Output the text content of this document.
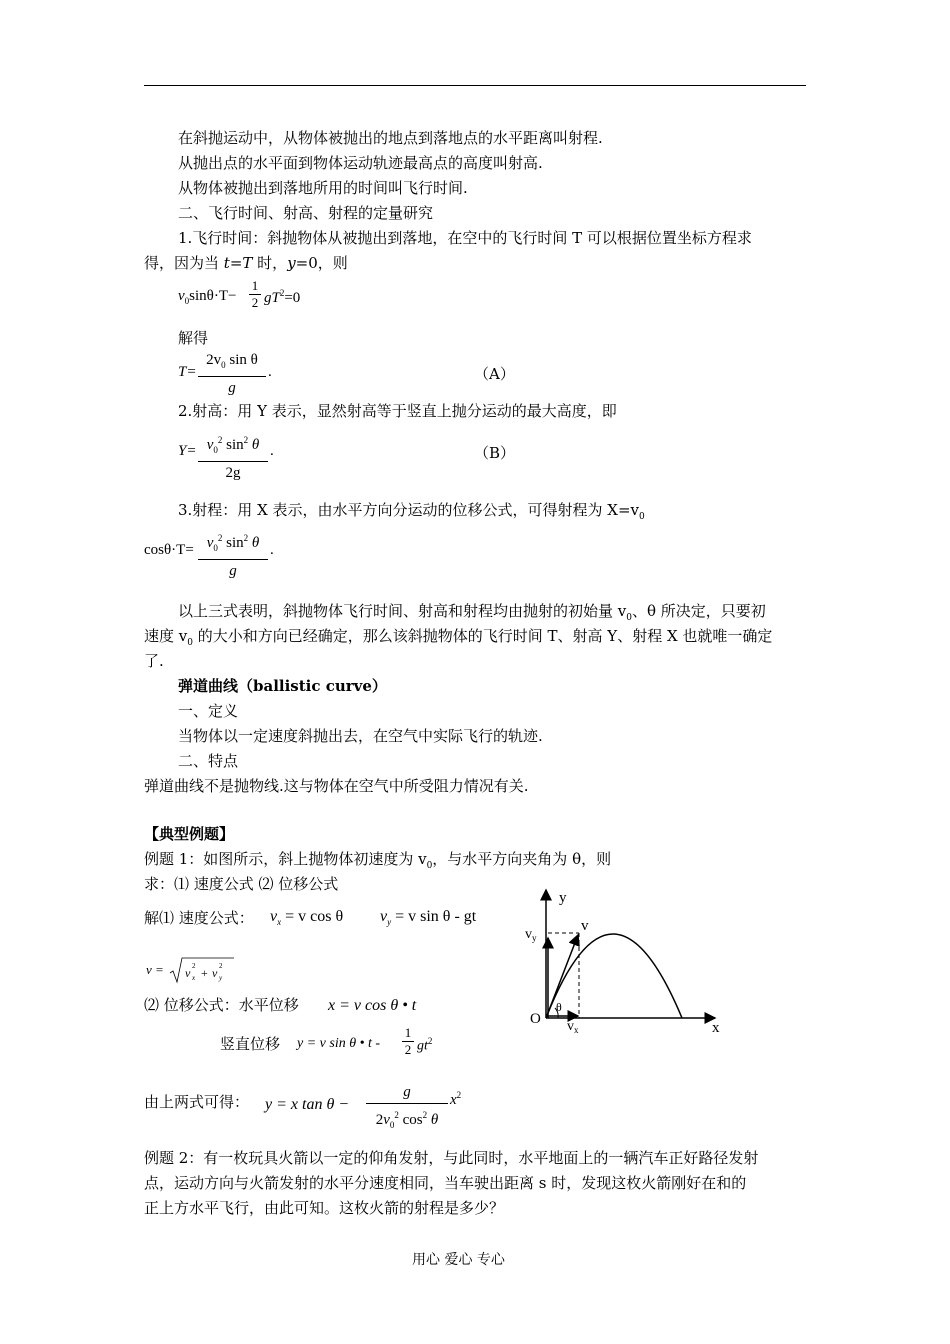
在斜抛运动中，从物体被抛出的地点到落地点的水平距离叫射程.
从抛出点的水平面到物体运动轨迹最高点的高度叫射高.
从物体被抛出到落地所用的时间叫飞行时间.
二、飞行时间、射高、射程的定量研究
1.飞行时间：斜抛物体从被抛出到落地，在空中的飞行时间 T 可以根据位置坐标方程求
得，因为当 t=T 时，y=0，则
$v_0\sin\theta\cdot T-$
1
2 $gT^2=0$
解得
T=
$2v_0$ sin θ
g
.	（A）
2.射高：用 Y 表示，显然射高等于竖直上抛分运动的最大高度，即
$Y= v_0^2$ $\sin^2 \theta$
2g
.	（B）
3.射程：用 X 表示，由水平方向分运动的位移公式，可得射程为 $X=v_0$
$\cos\theta\cdot T= v_0^2$ $\sin^2 \theta$
g
.
以上三式表明，斜抛物体飞行时间、射高和射程均由抛射的初始量 $v_0$、θ 所决定，只要初
速度 $v_0$ 的大小和方向已经确定，那么该斜抛物体的飞行时间 T、射高 Y、射程 X 也就唯一确定
了.
弹道曲线（ballistic curve）
一、定义
当物体以一定速度斜抛出去，在空气中实际飞行的轨迹.
二、特点
弹道曲线不是抛物线.这与物体在空气中所受阻力情况有关.
【典型例题】
例题 1：如图所示，斜上抛物体初速度为 $v_0$，与水平方向夹角为 θ，则
求：⑴ 速度公式 ⑵ 位移公式
解⑴ 速度公式： $v_x = v$ cos θ $v_y = v$ sin θ - gt
v = v x
2 + v y
2
⑵ 位移公式：水平位移 x = v cos θ • t
竖直位移 y = v sin θ • t -
1
2 $gt^2$
由上两式可得： y = x tan θ −
g
$2v_0^2$ $\cos^2 \theta$
$x^2$
例题 2：有一枚玩具火箭以一定的仰角发射，与此同时，水平地面上的一辆汽车正好路径发射
点，运动方向与火箭发射的水平分速度相同，当车驶出距离 s 时，发现这枚火箭刚好在和的
正上方水平飞行，由此可知。这枚火箭的射程是多少？
用心 爱心 专心
y
x
O
v
$v_y$
$v_x$
θ
